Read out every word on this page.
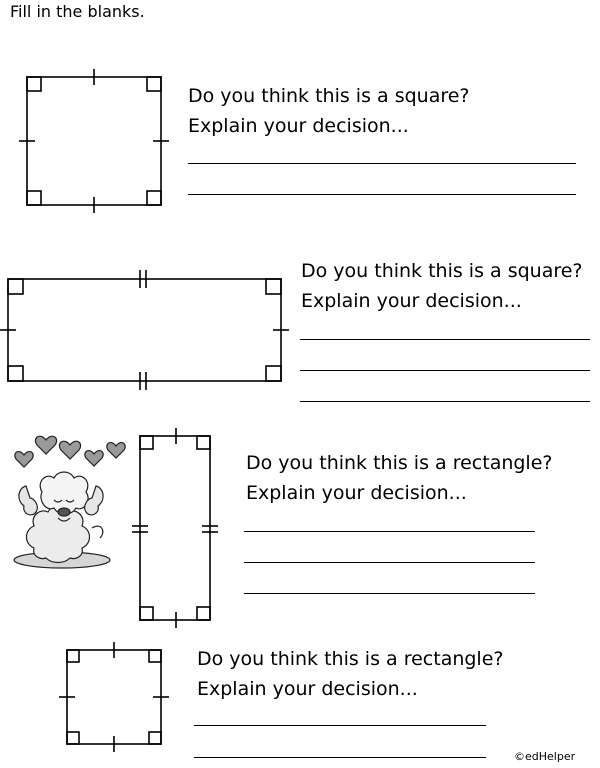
Fill in the blanks.
Do you think this is a square?
Explain your decision...
Do you think this is a square?
Explain your decision...
Do you think this is a rectangle?
Explain your decision...
Do you think this is a rectangle?
Explain your decision...
©edHelper
